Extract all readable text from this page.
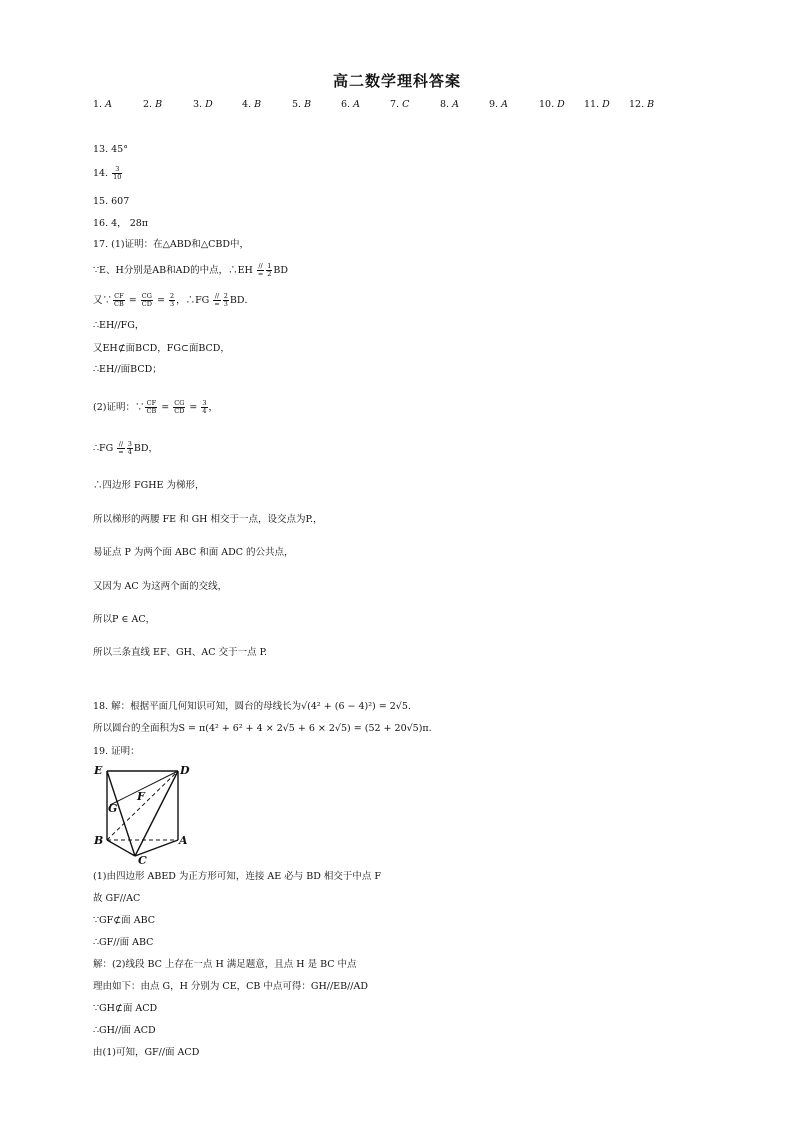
高二数学理科答案
1. A	2. B	3. D	4. B	5. B	6. A	7. C	8. A	9. A	10. D 11. D 12. B
13. 45°
14. $\frac{3}{10}$
15. 607
16. 4， 28π
17. (1)证明：在△ABD和△CBD中，
∵E、H分别是AB和AD的中点，∴EH $\frac{//}{=} \frac{1}{2}$ BD
又∵ $\frac{CF}{CB} = \frac{CG}{CD} = \frac{2}{3}$ ，∴FG $\frac{//}{=} \frac{2}{3}$ BD．
∴EH//FG，
又EH⊄面BCD，FG⊂面BCD，
∴EH//面BCD；
(2)证明：∵ $\frac{CF}{CB} = \frac{CG}{CD} = \frac{3}{4}$ ，
∴FG $\frac{//}{=} \frac{3}{4}$ BD，
∴四边形 FGHE 为梯形，
所以梯形的两腰 FE 和 GH 相交于一点，设交点为P.，
易证点 P 为两个面 ABC 和面 ADC 的公共点，
又因为 AC 为这两个面的交线，
所以P ∈ AC，
所以三条直线 EF、GH、AC 交于一点 P.
18. 解：根据平面几何知识可知，圆台的母线长为√(4² + (6 − 4)²) = 2√5.
所以圆台的全面积为S = π(4² + 6² + 4 × 2√5 + 6 × 2√5) = (52 + 20√5)π.
19. 证明：
E	D
G
F
B	A
C
(1)由四边形 ABED 为正方形可知，连接 AE 必与 BD 相交于中点 F
故 GF//AC
∵GF⊄面 ABC
∴GF//面 ABC
解：(2)线段 BC 上存在一点 H 满足题意，且点 H 是 BC 中点
理由如下：由点 G，H 分别为 CE，CB 中点可得：GH//EB//AD
∵GH⊄面 ACD
∴GH//面 ACD
由(1)可知，GF//面 ACD
